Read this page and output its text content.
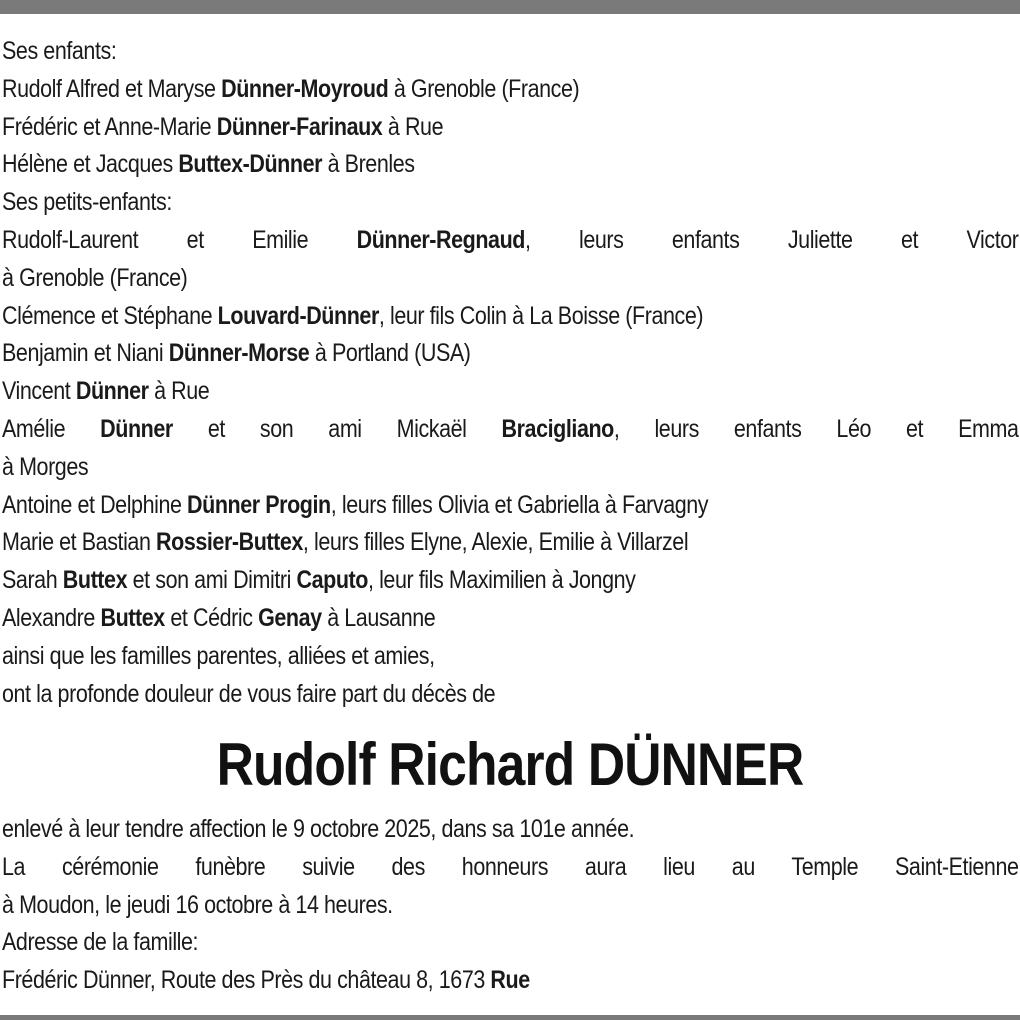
Ses enfants:
Rudolf Alfred et Maryse Dünner-Moyroud à Grenoble (France)
Frédéric et Anne-Marie Dünner-Farinaux à Rue
Hélène et Jacques Buttex-Dünner à Brenles
Ses petits-enfants:
Rudolf-Laurent et Emilie Dünner-Regnaud, leurs enfants Juliette et Victor
à Grenoble (France)
Clémence et Stéphane Louvard-Dünner, leur fils Colin à La Boisse (France)
Benjamin et Niani Dünner-Morse à Portland (USA)
Vincent Dünner à Rue
Amélie Dünner et son ami Mickaël Bracigliano, leurs enfants Léo et Emma
à Morges
Antoine et Delphine Dünner Progin, leurs filles Olivia et Gabriella à Farvagny
Marie et Bastian Rossier-Buttex, leurs filles Elyne, Alexie, Emilie à Villarzel
Sarah Buttex et son ami Dimitri Caputo, leur fils Maximilien à Jongny
Alexandre Buttex et Cédric Genay à Lausanne
ainsi que les familles parentes, alliées et amies,
ont la profonde douleur de vous faire part du décès de
Rudolf Richard DÜNNER
enlevé à leur tendre affection le 9 octobre 2025, dans sa 101e année.
La cérémonie funèbre suivie des honneurs aura lieu au Temple Saint-Etienne
à Moudon, le jeudi 16 octobre à 14 heures.
Adresse de la famille:
Frédéric Dünner, Route des Près du château 8, 1673 Rue
